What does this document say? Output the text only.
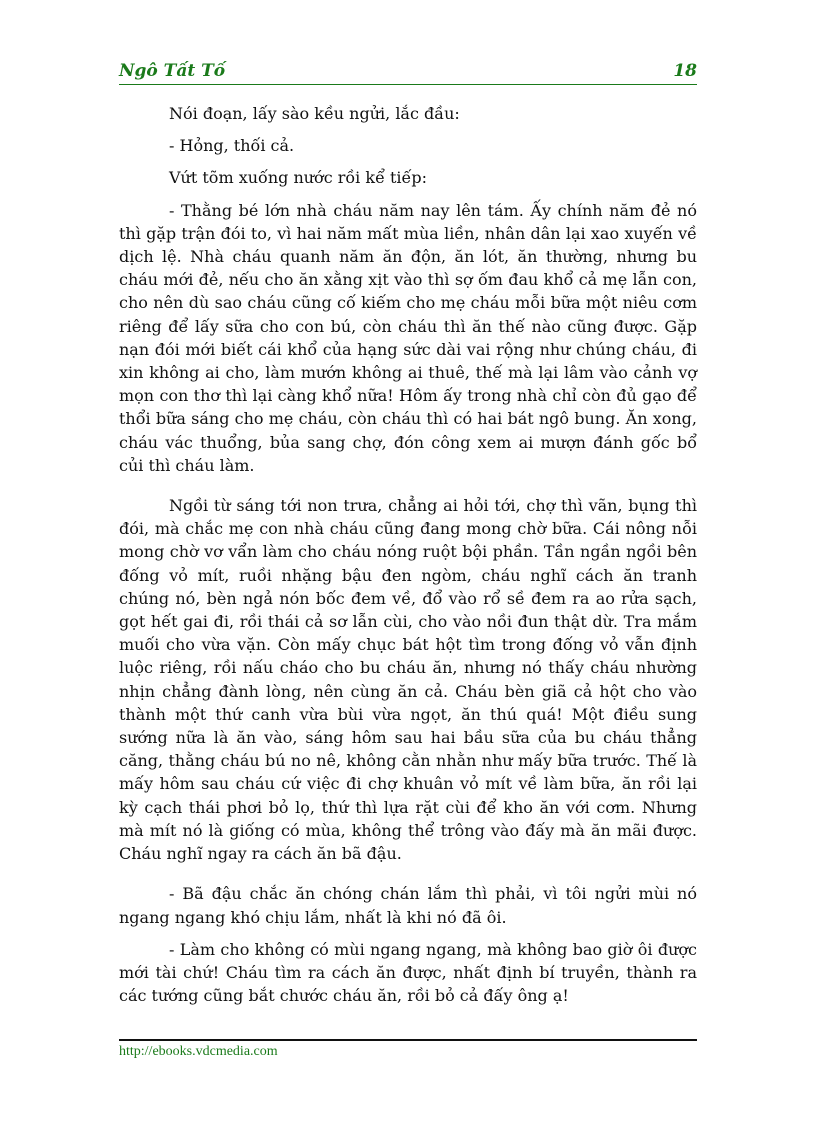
Ngô Tất Tố	18

Nói đoạn, lấy sào kều ngửi, lắc đầu:

- Hỏng, thối cả.

Vứt tõm xuống nước rồi kể tiếp:

- Thằng bé lớn nhà cháu năm nay lên tám. Ấy chính năm đẻ nó thì gặp trận đói to, vì hai năm mất mùa liền, nhân dân lại xao xuyến về dịch lệ. Nhà cháu quanh năm ăn độn, ăn lót, ăn thường, nhưng bu cháu mới đẻ, nếu cho ăn xằng xịt vào thì sợ ốm đau khổ cả mẹ lẫn con, cho nên dù sao cháu cũng cố kiếm cho mẹ cháu mỗi bữa một niêu cơm riêng để lấy sữa cho con bú, còn cháu thì ăn thế nào cũng được. Gặp nạn đói mới biết cái khổ của hạng sức dài vai rộng như chúng cháu, đi xin không ai cho, làm mướn không ai thuê, thế mà lại lâm vào cảnh vợ mọn con thơ thì lại càng khổ nữa! Hôm ấy trong nhà chỉ còn đủ gạo để thổi bữa sáng cho mẹ cháu, còn cháu thì có hai bát ngô bung. Ăn xong, cháu vác thuổng, bủa sang chợ, đón công xem ai mượn đánh gốc bổ củi thì cháu làm.

Ngồi từ sáng tới non trưa, chẳng ai hỏi tới, chợ thì vãn, bụng thì đói, mà chắc mẹ con nhà cháu cũng đang mong chờ bữa. Cái nông nỗi mong chờ vơ vẩn làm cho cháu nóng ruột bội phần. Tần ngần ngồi bên đống vỏ mít, ruồi nhặng bậu đen ngòm, cháu nghĩ cách ăn tranh chúng nó, bèn ngả nón bốc đem về, đổ vào rổ sề đem ra ao rửa sạch, gọt hết gai đi, rồi thái cả sơ lẫn cùi, cho vào nồi đun thật dừ. Tra mắm muối cho vừa vặn. Còn mấy chục bát hột tìm trong đống vỏ vẫn định luộc riêng, rồi nấu cháo cho bu cháu ăn, nhưng nó thấy cháu nhường nhịn chẳng đành lòng, nên cùng ăn cả. Cháu bèn giã cả hột cho vào thành một thứ canh vừa bùi vừa ngọt, ăn thú quá! Một điều sung sướng nữa là ăn vào, sáng hôm sau hai bầu sữa của bu cháu thẳng căng, thằng cháu bú no nê, không cằn nhằn như mấy bữa trước. Thế là mấy hôm sau cháu cứ việc đi chợ khuân vỏ mít về làm bữa, ăn rồi lại kỳ cạch thái phơi bỏ lọ, thứ thì lựa rặt cùi để kho ăn với cơm. Nhưng mà mít nó là giống có mùa, không thể trông vào đấy mà ăn mãi được. Cháu nghĩ ngay ra cách ăn bã đậu.

- Bã đậu chắc ăn chóng chán lắm thì phải, vì tôi ngửi mùi nó ngang ngang khó chịu lắm, nhất là khi nó đã ôi.

- Làm cho không có mùi ngang ngang, mà không bao giờ ôi được mới tài chứ! Cháu tìm ra cách ăn được, nhất định bí truyền, thành ra các tướng cũng bắt chước cháu ăn, rồi bỏ cả đấy ông ạ!

http://ebooks.vdcmedia.com
